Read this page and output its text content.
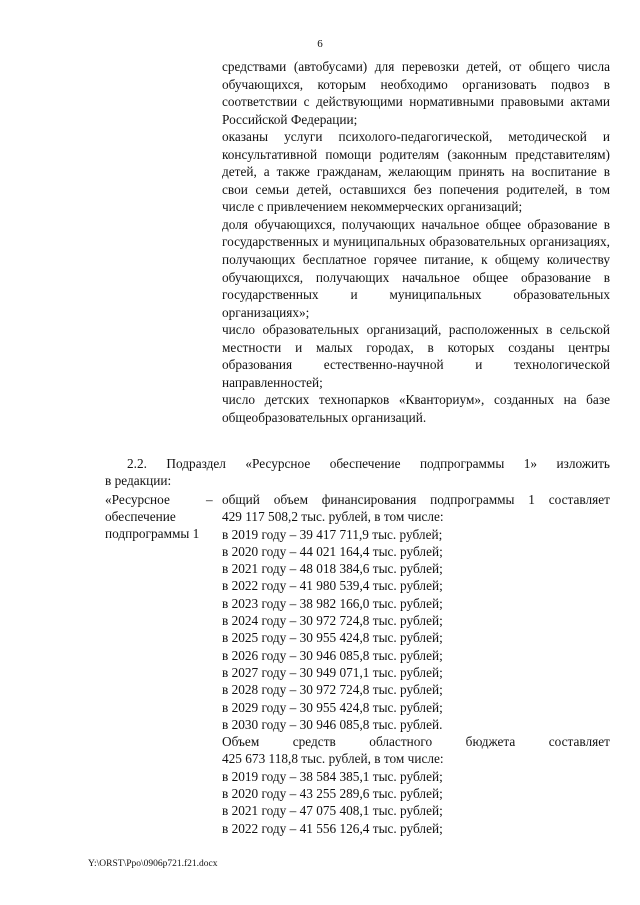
6

средствами (автобусами) для перевозки детей, от общего числа обучающихся, которым необходимо организовать подвоз в соответствии с действующими нормативными правовыми актами Российской Федерации;

оказаны услуги психолого-педагогической, методической и консультативной помощи родителям (законным представителям) детей, а также гражданам, желающим принять на воспитание в свои семьи детей, оставшихся без попечения родителей, в том числе с привлечением некоммерческих организаций;

доля обучающихся, получающих начальное общее образование в государственных и муниципальных образовательных организациях, получающих бесплатное горячее питание, к общему количеству обучающихся, получающих начальное общее образование в государственных и муниципальных образовательных организациях»;

число образовательных организаций, расположенных в сельской местности и малых городах, в которых созданы центры образования естественно-научной и технологической направленностей;

число детских технопарков «Кванториум», созданных на базе общеобразовательных организаций.

2.2. Подраздел «Ресурсное обеспечение подпрограммы 1» изложить
в редакции:

«Ресурсное
обеспечение
подпрограммы 1
– общий объем финансирования подпрограммы 1 составляет
429 117 508,2 тыс. рублей, в том числе:
в 2019 году – 39 417 711,9 тыс. рублей;
в 2020 году – 44 021 164,4 тыс. рублей;
в 2021 году – 48 018 384,6 тыс. рублей;
в 2022 году – 41 980 539,4 тыс. рублей;
в 2023 году – 38 982 166,0 тыс. рублей;
в 2024 году – 30 972 724,8 тыс. рублей;
в 2025 году – 30 955 424,8 тыс. рублей;
в 2026 году – 30 946 085,8 тыс. рублей;
в 2027 году – 30 949 071,1 тыс. рублей;
в 2028 году – 30 972 724,8 тыс. рублей;
в 2029 году – 30 955 424,8 тыс. рублей;
в 2030 году – 30 946 085,8 тыс. рублей.
Объем средств областного бюджета составляет
425 673 118,8 тыс. рублей, в том числе:
в 2019 году – 38 584 385,1 тыс. рублей;
в 2020 году – 43 255 289,6 тыс. рублей;
в 2021 году – 47 075 408,1 тыс. рублей;
в 2022 году – 41 556 126,4 тыс. рублей;
Y:\ORST\Ppo\0906p721.f21.docx
